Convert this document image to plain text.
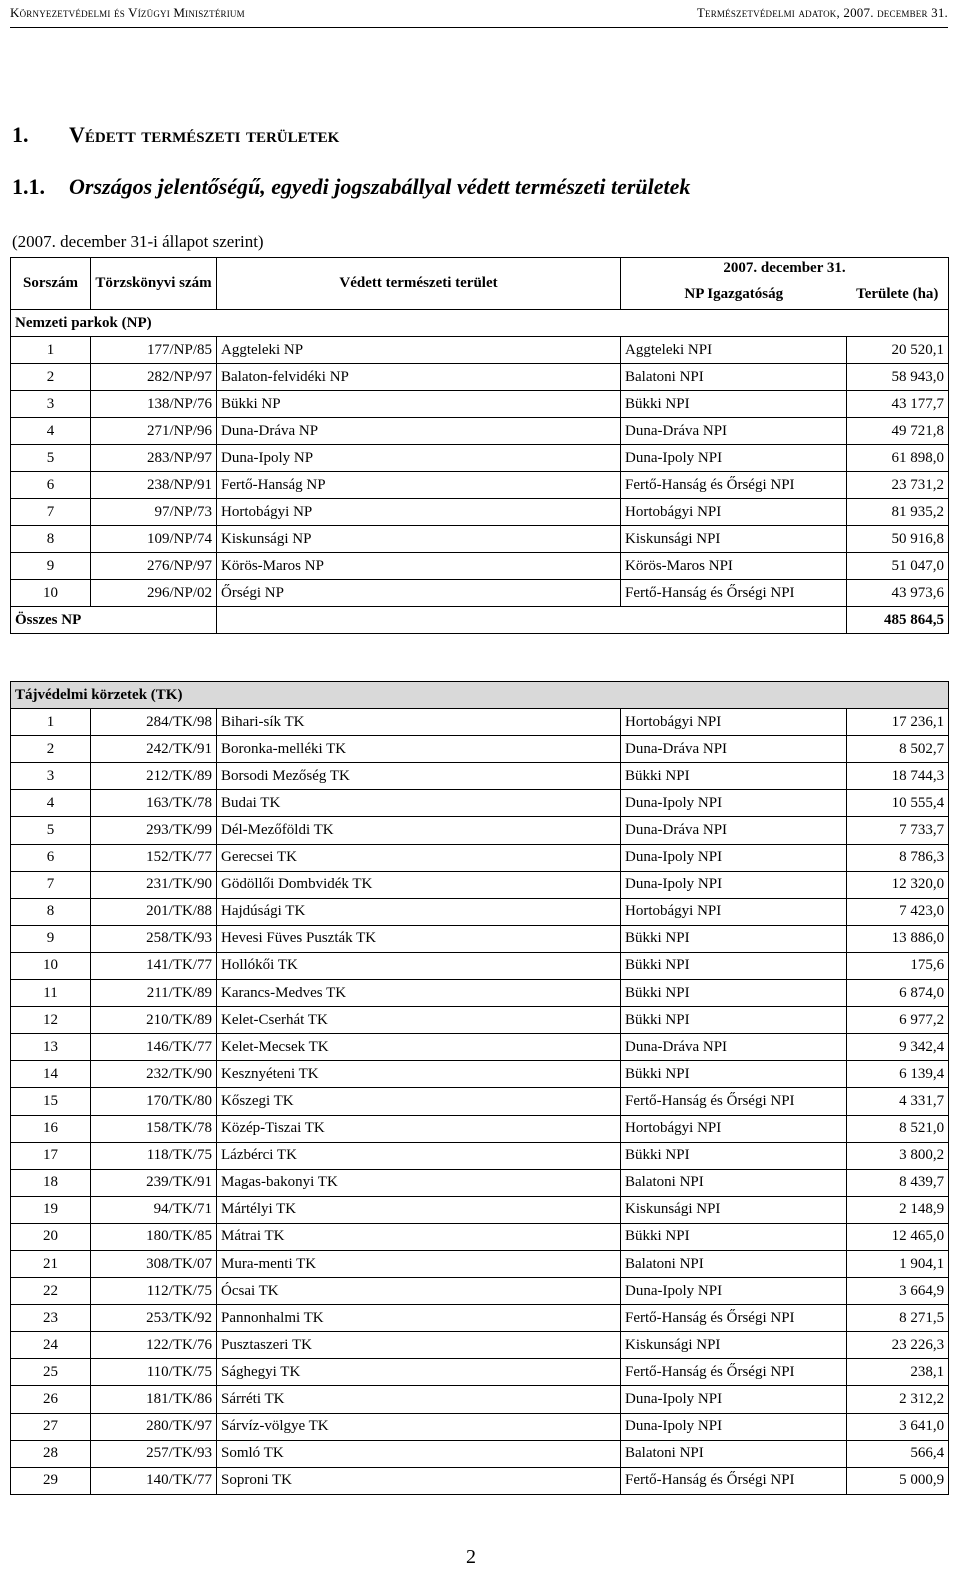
Környezetvédelmi és Vízügyi Minisztérium	Természetvédelmi adatok, 2007. december 31.
1. Védett természeti területek
1.1. Országos jelentőségű, egyedi jogszabállyal védett természeti területek
(2007. december 31-i állapot szerint)
Sorszám	Törzskönyvi szám	Védett természeti terület	2007. december 31.	
			NP Igazgatóság	Területe (ha)
Nemzeti parkok (NP)				
1	177/NP/85	Aggteleki NP	Aggteleki NPI	20 520,1
2	282/NP/97	Balaton-felvidéki NP	Balatoni NPI	58 943,0
3	138/NP/76	Bükki NP	Bükki NPI	43 177,7
4	271/NP/96	Duna-Dráva NP	Duna-Dráva NPI	49 721,8
5	283/NP/97	Duna-Ipoly NP	Duna-Ipoly NPI	61 898,0
6	238/NP/91	Fertő-Hanság NP	Fertő-Hanság és Őrségi NPI	23 731,2
7	97/NP/73	Hortobágyi NP	Hortobágyi NPI	81 935,2
8	109/NP/74	Kiskunsági NP	Kiskunsági NPI	50 916,8
9	276/NP/97	Körös-Maros NP	Körös-Maros NPI	51 047,0
10	296/NP/02	Őrségi NP	Fertő-Hanság és Őrségi NPI	43 973,6
Összes NP				485 864,5
Tájvédelmi körzetek (TK)				
1	284/TK/98	Bihari-sík TK	Hortobágyi NPI	17 236,1
2	242/TK/91	Boronka-melléki TK	Duna-Dráva NPI	8 502,7
3	212/TK/89	Borsodi Mezőség TK	Bükki NPI	18 744,3
4	163/TK/78	Budai TK	Duna-Ipoly NPI	10 555,4
5	293/TK/99	Dél-Mezőföldi TK	Duna-Dráva NPI	7 733,7
6	152/TK/77	Gerecsei TK	Duna-Ipoly NPI	8 786,3
7	231/TK/90	Gödöllői Dombvidék TK	Duna-Ipoly NPI	12 320,0
8	201/TK/88	Hajdúsági TK	Hortobágyi NPI	7 423,0
9	258/TK/93	Hevesi Füves Puszták TK	Bükki NPI	13 886,0
10	141/TK/77	Hollókői TK	Bükki NPI	175,6
11	211/TK/89	Karancs-Medves TK	Bükki NPI	6 874,0
12	210/TK/89	Kelet-Cserhát TK	Bükki NPI	6 977,2
13	146/TK/77	Kelet-Mecsek TK	Duna-Dráva NPI	9 342,4
14	232/TK/90	Kesznyéteni TK	Bükki NPI	6 139,4
15	170/TK/80	Kőszegi TK	Fertő-Hanság és Őrségi NPI	4 331,7
16	158/TK/78	Közép-Tiszai TK	Hortobágyi NPI	8 521,0
17	118/TK/75	Lázbérci TK	Bükki NPI	3 800,2
18	239/TK/91	Magas-bakonyi TK	Balatoni NPI	8 439,7
19	94/TK/71	Mártélyi TK	Kiskunsági NPI	2 148,9
20	180/TK/85	Mátrai TK	Bükki NPI	12 465,0
21	308/TK/07	Mura-menti TK	Balatoni NPI	1 904,1
22	112/TK/75	Ócsai TK	Duna-Ipoly NPI	3 664,9
23	253/TK/92	Pannonhalmi TK	Fertő-Hanság és Őrségi NPI	8 271,5
24	122/TK/76	Pusztaszeri TK	Kiskunsági NPI	23 226,3
25	110/TK/75	Sághegyi TK	Fertő-Hanság és Őrségi NPI	238,1
26	181/TK/86	Sárréti TK	Duna-Ipoly NPI	2 312,2
27	280/TK/97	Sárvíz-völgye TK	Duna-Ipoly NPI	3 641,0
28	257/TK/93	Somló TK	Balatoni NPI	566,4
29	140/TK/77	Soproni TK	Fertő-Hanság és Őrségi NPI	5 000,9
2
